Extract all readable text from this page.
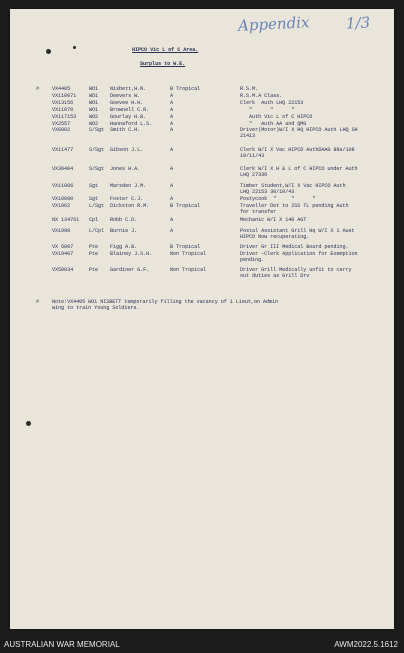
Appendix 1/3
HIPCO Vic L of C Area.
Surplus to W.E.
# VX4405	WO1 Nisbett,H.N.	B Tropical	R.S.M.
VX110071 WO1 Deevers W.	A	R.S.M.A Class.
VX13156	WO1 Goevee H.H.	A	Clerk  Auth LHQ 22153
VX11070	WO1 Brownell C.R.	A	"      "      "
VX117153 WO2 Gourlay H.B.	A	Auth Vic L of C HIPCO
VX2557	WO2 Hannaford L.S.	A	"   Auth AA and QMG
VX6002	S/Sgt Smith C.H.	A	Driver(Motor)W/I X HQ HIPCO Auth LHQ SH
21413
VX11477	S/Sgt Gibson J.L.	A	Clerk W/I X Vac HIPCO AuthDAAG 88a/108
10/11/43
VX30404	S/Sgt Jones H.A.	A	Clerk W/I X H & L of C HIPCO under Auth
LHQ 27330
VX11006	Sgt Marsden J.M.	A	Timber Student,W/I X Vac HIPCO Auth
LHQ 22153 30/10/43
VX10090	Sgt Foster C.J.	A	Postycook  "     "      "
VX1062	L/Sgt Dickston R.M.	B Tropical	Traveller Det to 2SS TL pending Auth
for transfer
NX 134761 Cpl Robb C.D.	A	Mechanic W/I X 140 AGT
VX1990	L/Cpl Burnie J.	A	Postal Assistant Grill Hq W/I X 1 Aust
HIPCO Now recuperating.
VX 6007	Pte Figg A.B.	B Tropical	Driver Gr III Medical Board pending.
VX19407	Pte Blainey J.S.H.	Non Tropical	Driver -Clerk Application for Exemption
pending.
VX50034	Pte Gardiner G.F.	Non Tropical	Driver Grill Medically unfit to carry
out duties as Grill Drv
# Note:VX4405 WO1 NISBETT temporarily filling the vacancy of 1 Lieut,on Admin
wing to train Young Soldiers.
AUSTRALIAN WAR MEMORIAL	AWM2022.5.1612
